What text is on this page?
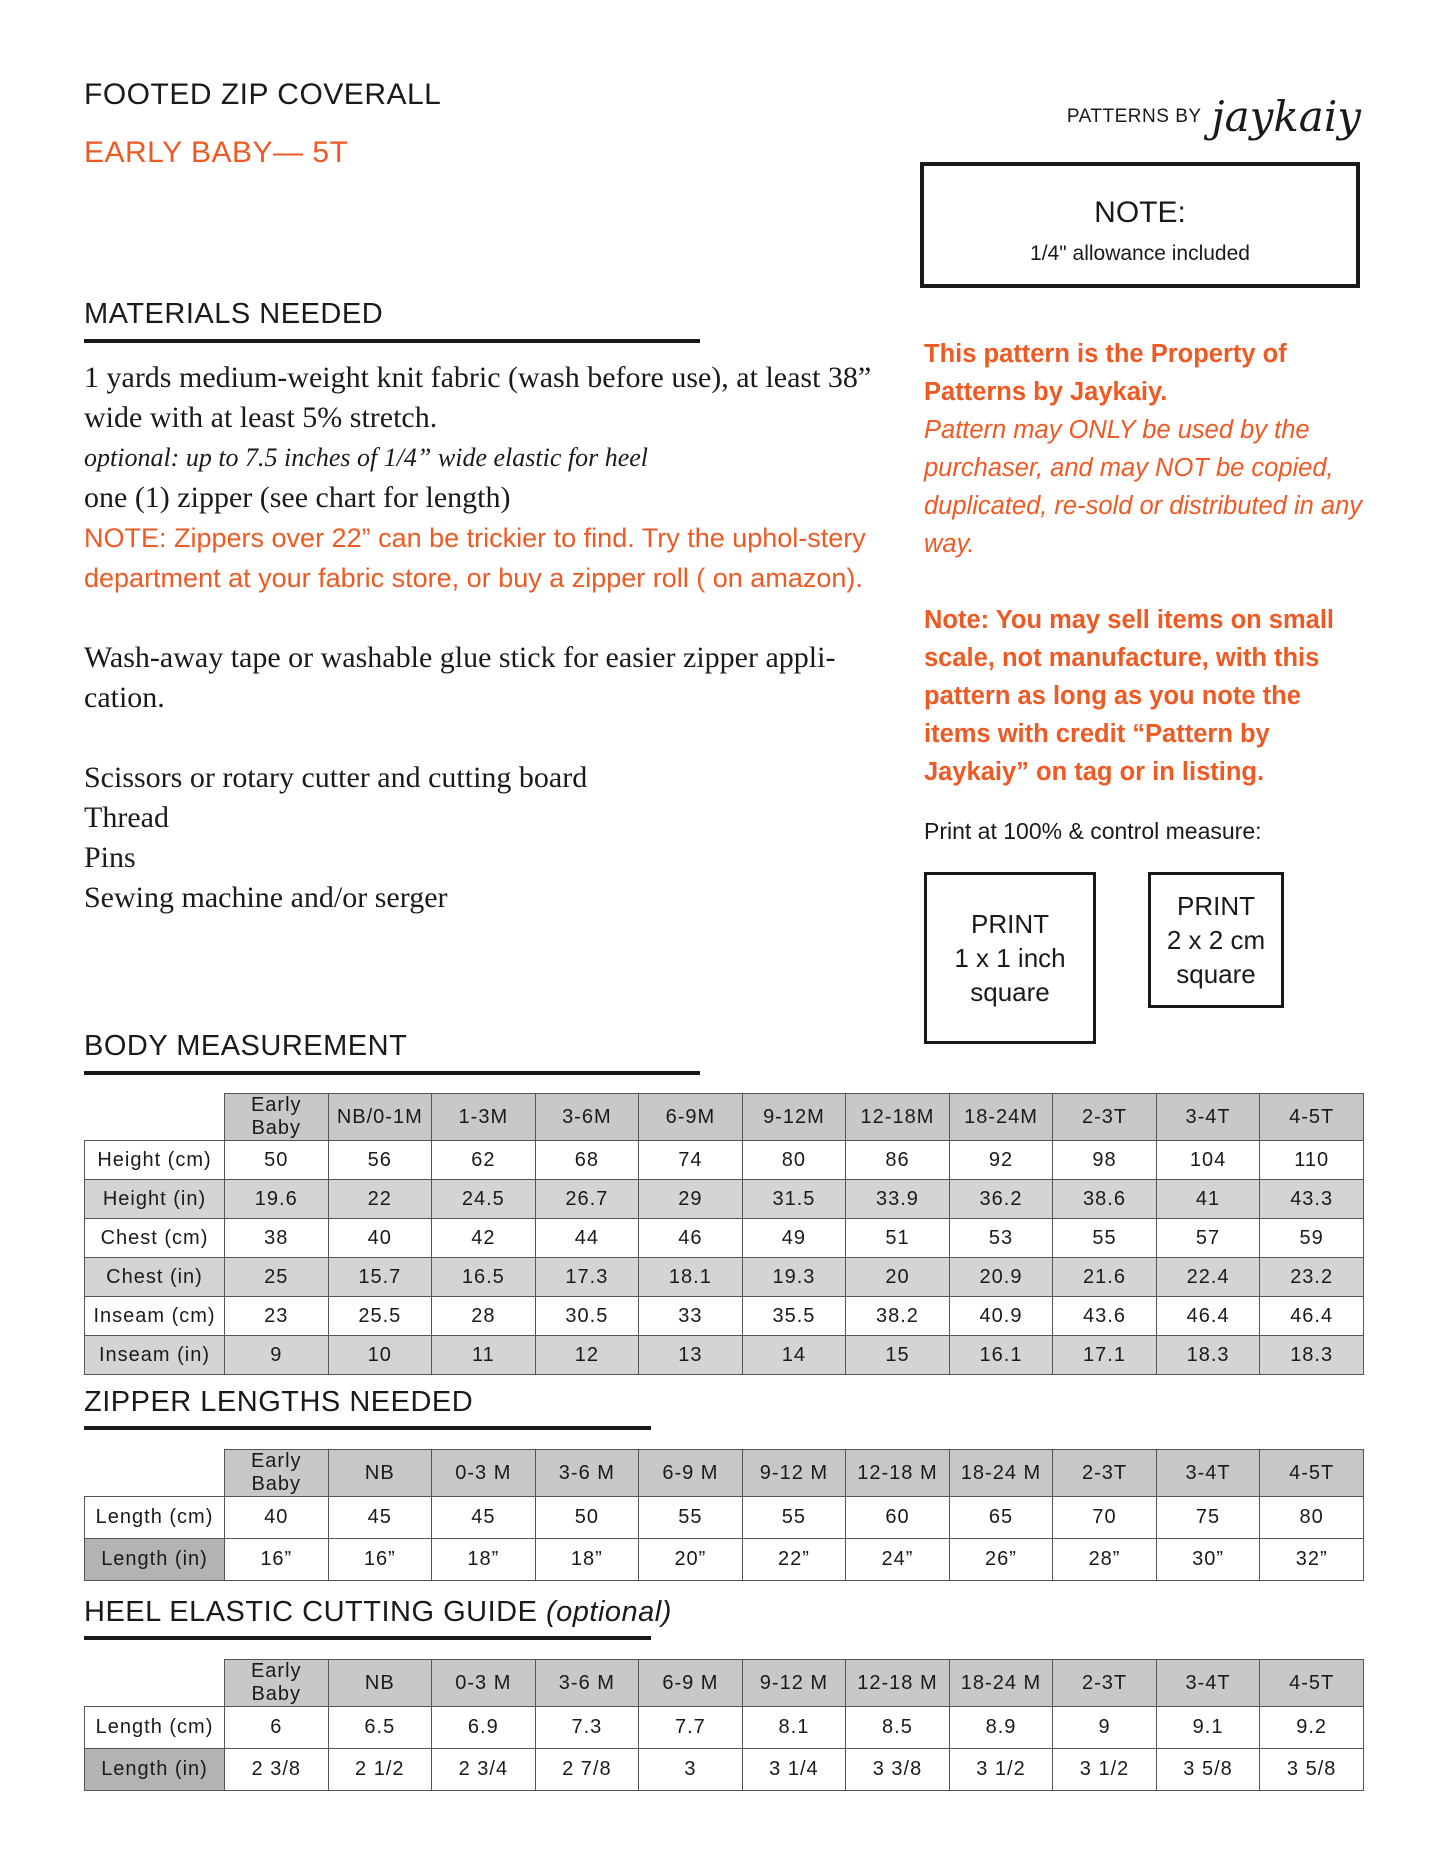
FOOTED ZIP COVERALL
EARLY BABY— 5T
PATTERNS BY jaykaiy
NOTE:
1/4" allowance included
MATERIALS NEEDED

1 yards medium-weight knit fabric (wash before use), at least 38” wide with at least 5% stretch.

optional: up to 7.5 inches of 1/4” wide elastic for heel

one (1) zipper (see chart for length)

NOTE: Zippers over 22” can be trickier to find. Try the uphol-stery department at your fabric store, or buy a zipper roll ( on amazon).

Wash-away tape or washable glue stick for easier zipper appli-cation.

Scissors or rotary cutter and cutting board

Thread

Pins

Sewing machine and/or serger

This pattern is the Property of Patterns by Jaykaiy.
Pattern may ONLY be used by the purchaser, and may NOT be copied, duplicated, re-sold or distributed in any way.
Note: You may sell items on small scale, not manufacture, with this pattern as long as you note the items with credit “Pattern by Jaykaiy” on tag or in listing.
Print at 100% & control measure:
PRINT
1 x 1 inch
square
PRINT
2 x 2 cm
square
BODY MEASUREMENT
	Early Baby	NB/0-1M	1-3M	3-6M	6-9M	9-12M	12-18M	18-24M	2-3T	3-4T	4-5T
Height (cm)	50	56	62	68	74	80	86	92	98	104	110
Height (in)	19.6	22	24.5	26.7	29	31.5	33.9	36.2	38.6	41	43.3
Chest (cm)	38	40	42	44	46	49	51	53	55	57	59
Chest (in)	25	15.7	16.5	17.3	18.1	19.3	20	20.9	21.6	22.4	23.2
Inseam (cm)	23	25.5	28	30.5	33	35.5	38.2	40.9	43.6	46.4	46.4
Inseam (in)	9	10	11	12	13	14	15	16.1	17.1	18.3	18.3
ZIPPER LENGTHS NEEDED
	Early Baby	NB	0-3 M	3-6 M	6-9 M	9-12 M	12-18 M	18-24 M	2-3T	3-4T	4-5T
Length (cm)	40	45	45	50	55	55	60	65	70	75	80
Length (in)	16”	16”	18”	18”	20”	22”	24”	26”	28”	30”	32”
HEEL ELASTIC CUTTING GUIDE (optional)
	Early Baby	NB	0-3 M	3-6 M	6-9 M	9-12 M	12-18 M	18-24 M	2-3T	3-4T	4-5T
Length (cm)	6	6.5	6.9	7.3	7.7	8.1	8.5	8.9	9	9.1	9.2
Length (in)	2 3/8	2 1/2	2 3/4	2 7/8	3	3 1/4	3 3/8	3 1/2	3 1/2	3 5/8	3 5/8
